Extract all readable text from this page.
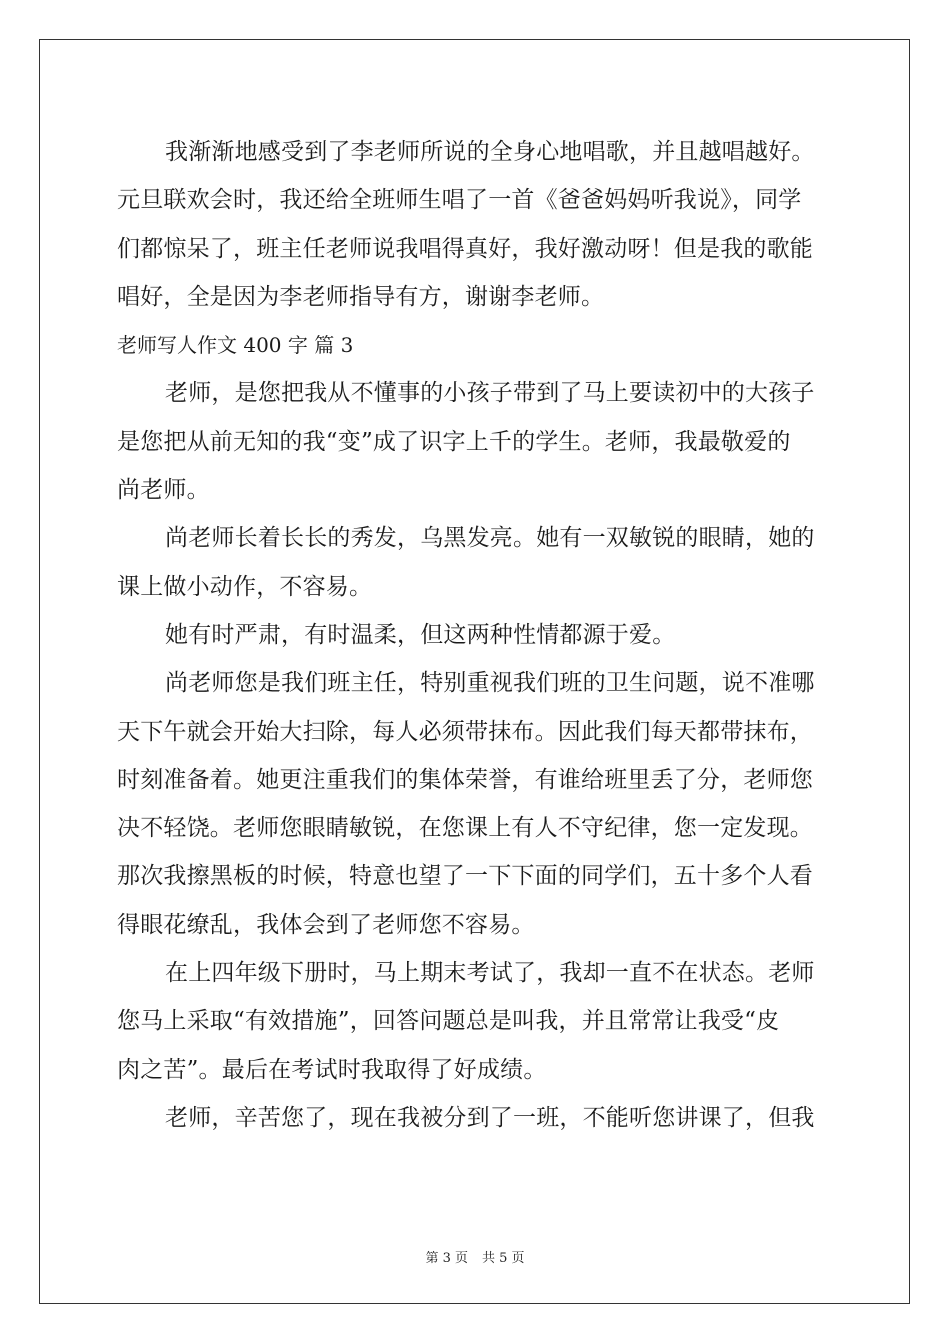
我渐渐地感受到了李老师所说的全身心地唱歌，并且越唱越好。
元旦联欢会时，我还给全班师生唱了一首《爸爸妈妈听我说》，同学
们都惊呆了，班主任老师说我唱得真好，我好激动呀！但是我的歌能
唱好，全是因为李老师指导有方，谢谢李老师。
老师写人作文 400 字 篇 3
老师，是您把我从不懂事的小孩子带到了马上要读初中的大孩子
是您把从前无知的我“变”成了识字上千的学生。老师，我最敬爱的
尚老师。
尚老师长着长长的秀发，乌黑发亮。她有一双敏锐的眼睛，她的
课上做小动作，不容易。
她有时严肃，有时温柔，但这两种性情都源于爱。
尚老师您是我们班主任，特别重视我们班的卫生问题，说不准哪
天下午就会开始大扫除，每人必须带抹布。因此我们每天都带抹布，
时刻准备着。她更注重我们的集体荣誉，有谁给班里丢了分，老师您
决不轻饶。老师您眼睛敏锐，在您课上有人不守纪律，您一定发现。
那次我擦黑板的时候，特意也望了一下下面的同学们，五十多个人看
得眼花缭乱，我体会到了老师您不容易。
在上四年级下册时，马上期末考试了，我却一直不在状态。老师
您马上采取“有效措施”，回答问题总是叫我，并且常常让我受“皮
肉之苦”。最后在考试时我取得了好成绩。
老师，辛苦您了，现在我被分到了一班，不能听您讲课了，但我
第 3 页 共 5 页
